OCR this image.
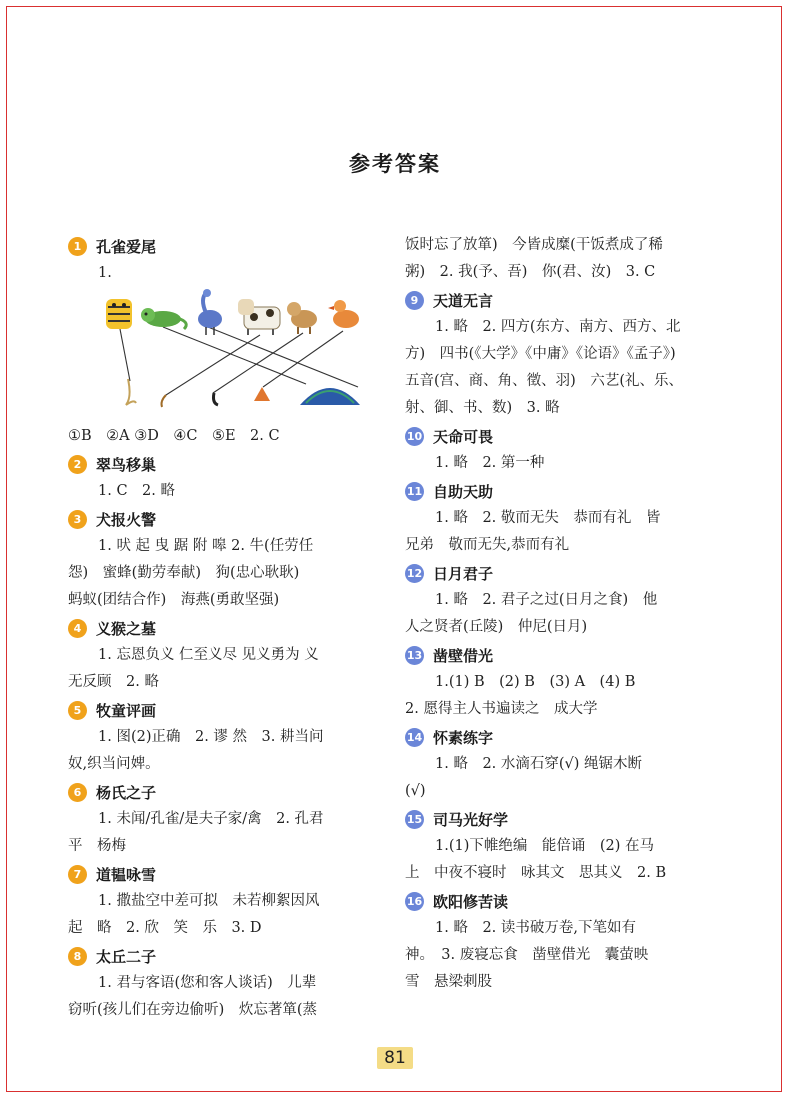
参考答案
1 孔雀爱尾
1.
①B　②A ③D　④C　⑤E　2. C
2 翠鸟移巢
1. C　2. 略
3 犬报火警
1. 吠 起 曳 踞 附 嗥 2. 牛(任劳任
怨)　蜜蜂(勤劳奉献)　狗(忠心耿耿)
蚂蚁(团结合作)　海燕(勇敢坚强)
4 义猴之墓
1. 忘恩负义 仁至义尽 见义勇为 义
无反顾　2. 略
5 牧童评画
1. 图(2)正确　2. 谬 然　3. 耕当问
奴,织当问婢。
6 杨氏之子
1. 未闻/孔雀/是夫子家/禽　2. 孔君
平　杨梅
7 道韫咏雪
1. 撒盐空中差可拟　未若柳絮因风
起　略　2. 欣　笑　乐　3. D
8 太丘二子
1. 君与客语(您和客人谈话)　儿辈
窃听(孩儿们在旁边偷听)　炊忘著箪(蒸
饭时忘了放箪)　今皆成糜(干饭煮成了稀
粥)　2. 我(予、吾)　你(君、汝)　3. C
9 天道无言
1. 略　2. 四方(东方、南方、西方、北
方)　四书(《大学》《中庸》《论语》《孟子》)
五音(宫、商、角、徵、羽)　六艺(礼、乐、
射、御、书、数)　3. 略
10 天命可畏
1. 略　2. 第一种
11 自助天助
1. 略　2. 敬而无失　恭而有礼　皆
兄弟　敬而无失,恭而有礼
12 日月君子
1. 略　2. 君子之过(日月之食)　他
人之贤者(丘陵)　仲尼(日月)
13 凿壁借光
1.(1) B　(2) B　(3) A　(4) B
2. 愿得主人书遍读之　成大学
14 怀素练字
1. 略　2. 水滴石穿(√) 绳锯木断
(√)
15 司马光好学
1.(1)下帷绝编　能倍诵　(2) 在马
上　中夜不寝时　咏其文　思其义　2. B
16 欧阳修苦读
1. 略　2. 读书破万卷,下笔如有
神。　3. 废寝忘食　凿壁借光　囊萤映
雪　悬梁刺股
81
